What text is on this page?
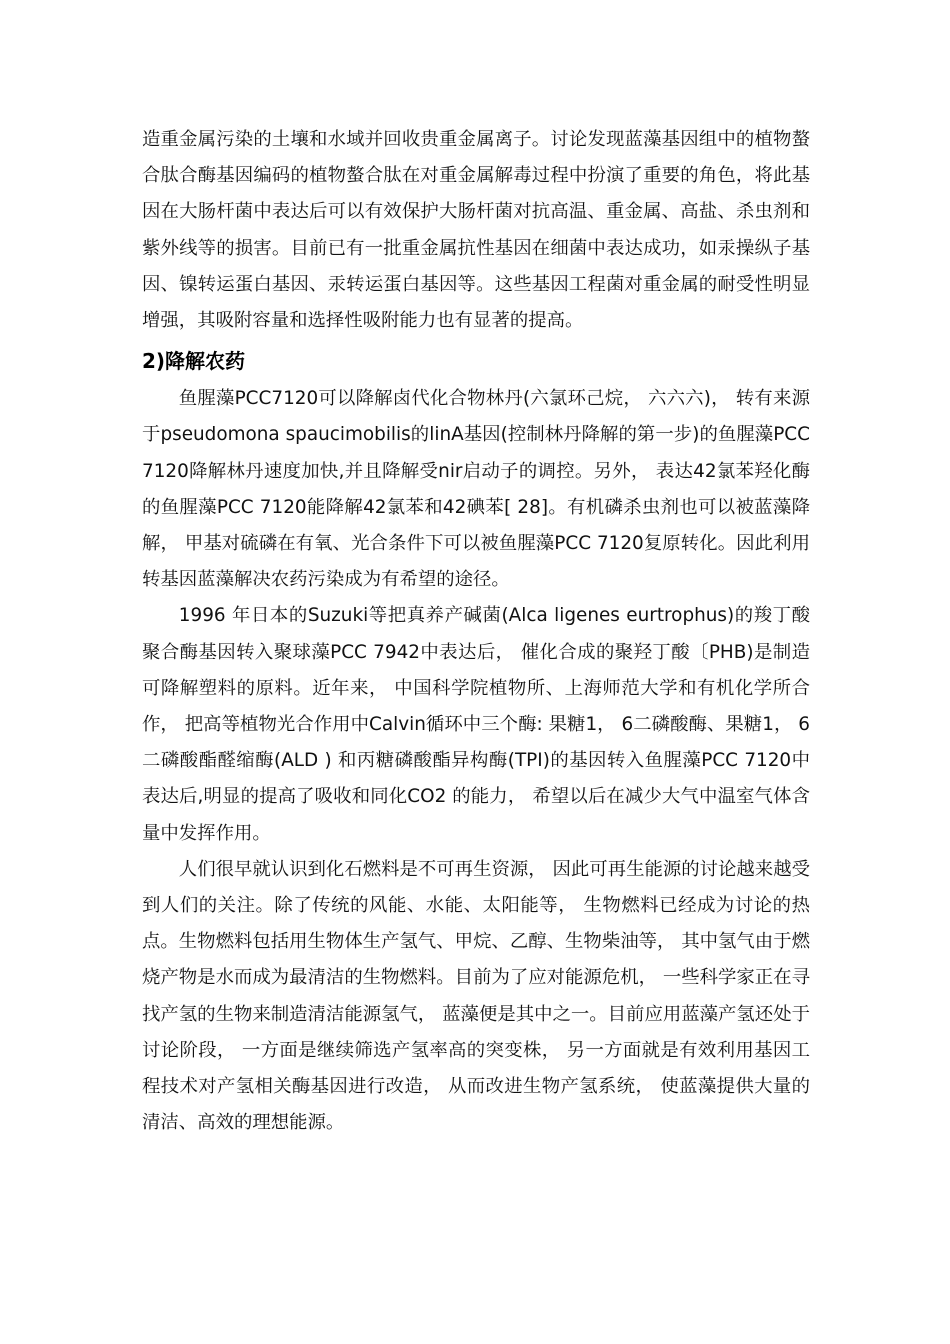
造重金属污染的土壤和水域并回收贵重金属离子。讨论发现蓝藻基因组中的植物螯合肽合酶基因编码的植物螯合肽在对重金属解毒过程中扮演了重要的角色，将此基因在大肠杆菌中表达后可以有效保护大肠杆菌对抗高温、重金属、高盐、杀虫剂和紫外线等的损害。目前已有一批重金属抗性基因在细菌中表达成功，如汞操纵子基因、镍转运蛋白基因、汞转运蛋白基因等。这些基因工程菌对重金属的耐受性明显增强，其吸附容量和选择性吸附能力也有显著的提高。

2)降解农药

鱼腥藻PCC7120可以降解卤代化合物林丹(六氯环己烷， 六六六)， 转有来源于pseudomona spaucimobilis的linA基因(控制林丹降解的第一步)的鱼腥藻PCC 7120降解林丹速度加快,并且降解受nir启动子的调控。另外， 表达42氯苯羟化酶的鱼腥藻PCC 7120能降解42氯苯和42碘苯[ 28]。有机磷杀虫剂也可以被蓝藻降解， 甲基对硫磷在有氧、光合条件下可以被鱼腥藻PCC 7120复原转化。因此利用转基因蓝藻解决农药污染成为有希望的途径。

1996 年日本的Suzuki等把真养产碱菌(Alca ligenes eurtrophus)的羧丁酸聚合酶基因转入聚球藻PCC 7942中表达后， 催化合成的聚羟丁酸〔PHB)是制造可降解塑料的原料。近年来， 中国科学院植物所、上海师范大学和有机化学所合作， 把高等植物光合作用中Calvin循环中三个酶: 果糖1， 6二磷酸酶、果糖1， 6 二磷酸酯醛缩酶(ALD ) 和丙糖磷酸酯异构酶(TPI)的基因转入鱼腥藻PCC 7120中表达后,明显的提高了吸收和同化CO2 的能力， 希望以后在减少大气中温室气体含量中发挥作用。

人们很早就认识到化石燃料是不可再生资源， 因此可再生能源的讨论越来越受到人们的关注。除了传统的风能、水能、太阳能等， 生物燃料已经成为讨论的热点。生物燃料包括用生物体生产氢气、甲烷、乙醇、生物柴油等， 其中氢气由于燃烧产物是水而成为最清洁的生物燃料。目前为了应对能源危机， 一些科学家正在寻找产氢的生物来制造清洁能源氢气， 蓝藻便是其中之一。目前应用蓝藻产氢还处于讨论阶段， 一方面是继续筛选产氢率高的突变株， 另一方面就是有效利用基因工程技术对产氢相关酶基因进行改造， 从而改进生物产氢系统， 使蓝藻提供大量的清洁、高效的理想能源。
